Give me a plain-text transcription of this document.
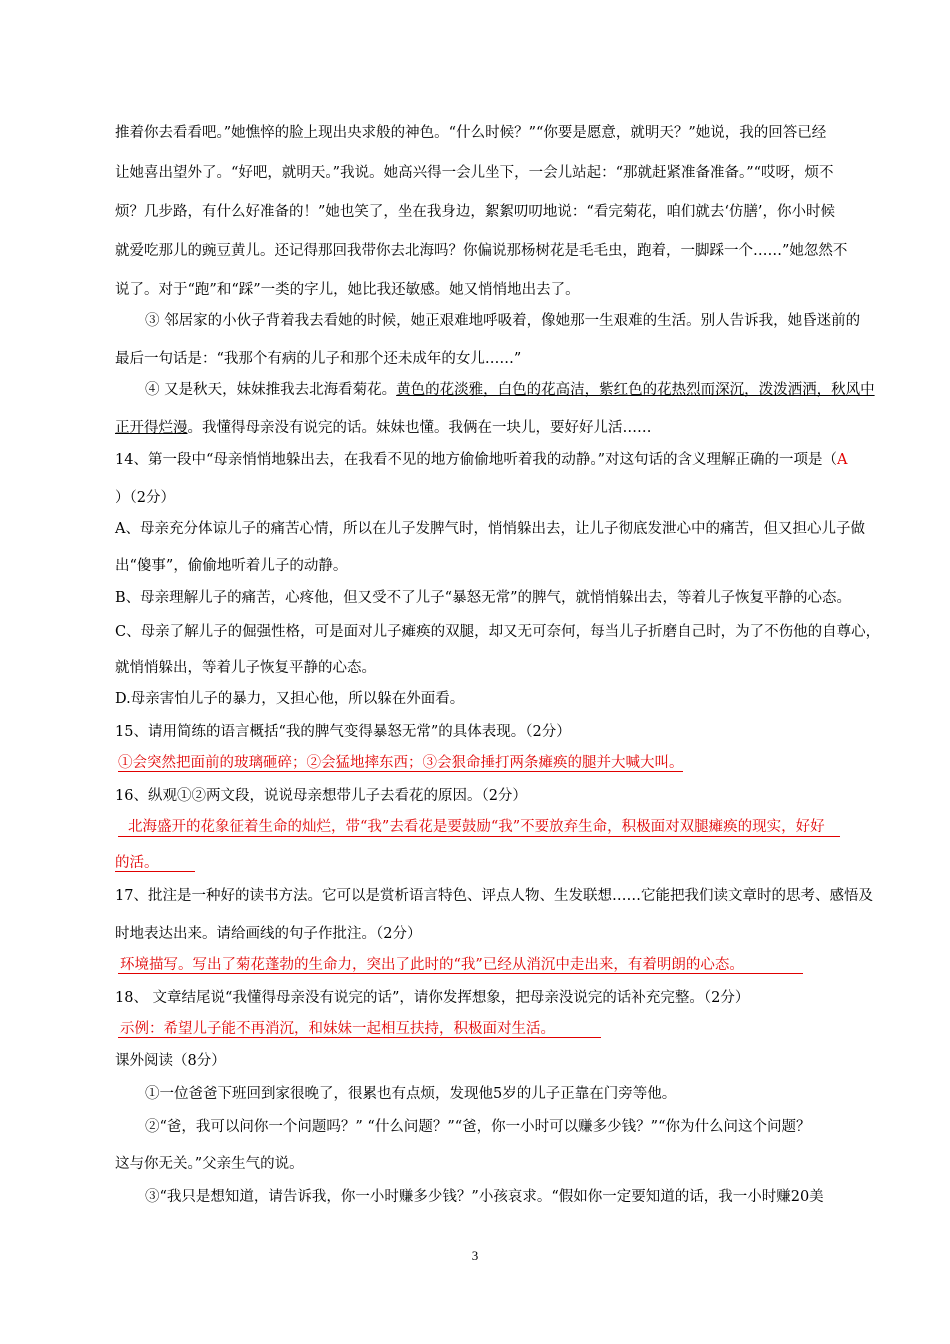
推着你去看看吧。”她憔悴的脸上现出央求般的神色。“什么时候？”“你要是愿意，就明天？”她说，我的回答已经
让她喜出望外了。“好吧，就明天。”我说。她高兴得一会儿坐下，一会儿站起：“那就赶紧准备准备。”“哎呀，烦不
烦？几步路，有什么好准备的！”她也笑了，坐在我身边，絮絮叨叨地说：“看完菊花，咱们就去‘仿膳’，你小时候
就爱吃那儿的豌豆黄儿。还记得那回我带你去北海吗？你偏说那杨树花是毛毛虫，跑着，一脚踩一个……”她忽然不
说了。对于“跑”和“踩”一类的字儿，她比我还敏感。她又悄悄地出去了。
③ 邻居家的小伙子背着我去看她的时候，她正艰难地呼吸着，像她那一生艰难的生活。别人告诉我，她昏迷前的
最后一句话是：“我那个有病的儿子和那个还未成年的女儿……”
④ 又是秋天，妹妹推我去北海看菊花。黄色的花淡雅，白色的花高洁，紫红色的花热烈而深沉，泼泼洒洒，秋风中
正开得烂漫。我懂得母亲没有说完的话。妹妹也懂。我俩在一块儿，要好好儿活……
14、第一段中“母亲悄悄地躲出去，在我看不见的地方偷偷地听着我的动静。”对这句话的含义理解正确的一项是（A
）（2分）
A、母亲充分体谅儿子的痛苦心情，所以在儿子发脾气时，悄悄躲出去，让儿子彻底发泄心中的痛苦，但又担心儿子做
出“傻事”，偷偷地听着儿子的动静。
B、母亲理解儿子的痛苦，心疼他，但又受不了儿子“暴怒无常”的脾气，就悄悄躲出去，等着儿子恢复平静的心态。
C、母亲了解儿子的倔强性格，可是面对儿子瘫痪的双腿，却又无可奈何，每当儿子折磨自己时，为了不伤他的自尊心，
就悄悄躲出，等着儿子恢复平静的心态。
D.母亲害怕儿子的暴力，又担心他，所以躲在外面看。
15、请用简练的语言概括“我的脾气变得暴怒无常”的具体表现。（2分）
①会突然把面前的玻璃砸碎；②会猛地摔东西；③会狠命捶打两条瘫痪的腿并大喊大叫。
16、纵观①②两文段，说说母亲想带儿子去看花的原因。（2分）
北海盛开的花象征着生命的灿烂，带“我”去看花是要鼓励“我”不要放弃生命，积极面对双腿瘫痪的现实，好好
的活。
17、批注是一种好的读书方法。它可以是赏析语言特色、评点人物、生发联想……它能把我们读文章时的思考、感悟及
时地表达出来。请给画线的句子作批注。（2分）
环境描写。写出了菊花蓬勃的生命力，突出了此时的“我”已经从消沉中走出来，有着明朗的心态。
18、 文章结尾说“我懂得母亲没有说完的话”，请你发挥想象，把母亲没说完的话补充完整。（2分）
示例：希望儿子能不再消沉，和妹妹一起相互扶持，积极面对生活。
课外阅读（8分）
①一位爸爸下班回到家很晚了，很累也有点烦，发现他5岁的儿子正靠在门旁等他。
②“爸，我可以问你一个问题吗？” “什么问题？”“爸，你一小时可以赚多少钱？”“你为什么问这个问题？
这与你无关。”父亲生气的说。
③“我只是想知道，请告诉我，你一小时赚多少钱？”小孩哀求。“假如你一定要知道的话，我一小时赚20美
3
